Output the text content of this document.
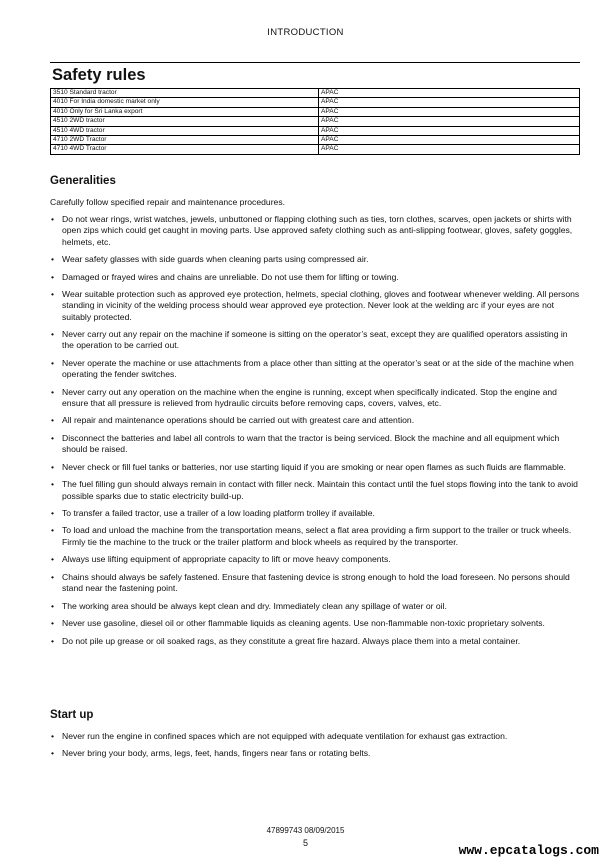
INTRODUCTION
Safety rules
3510 Standard tractor	APAC
4010 For India domestic market only	APAC
4010 Only for Sri Lanka export	APAC
4510 2WD tractor	APAC
4510 4WD tractor	APAC
4710 2WD Tractor	APAC
4710 4WD Tractor	APAC
Generalities
Carefully follow specified repair and maintenance procedures.
• Do not wear rings, wrist watches, jewels, unbuttoned or flapping clothing such as ties, torn clothes, scarves, open jackets or shirts with open zips which could get caught in moving parts. Use approved safety clothing such as anti-slipping footwear, gloves, safety goggles, helmets, etc.
• Wear safety glasses with side guards when cleaning parts using compressed air.
• Damaged or frayed wires and chains are unreliable. Do not use them for lifting or towing.
• Wear suitable protection such as approved eye protection, helmets, special clothing, gloves and footwear whenever welding. All persons standing in vicinity of the welding process should wear approved eye protection. Never look at the welding arc if your eyes are not suitably protected.
• Never carry out any repair on the machine if someone is sitting on the operator’s seat, except they are qualified operators assisting in the operation to be carried out.
• Never operate the machine or use attachments from a place other than sitting at the operator’s seat or at the side of the machine when operating the fender switches.
• Never carry out any operation on the machine when the engine is running, except when specifically indicated. Stop the engine and ensure that all pressure is relieved from hydraulic circuits before removing caps, covers, valves, etc.
• All repair and maintenance operations should be carried out with greatest care and attention.
• Disconnect the batteries and label all controls to warn that the tractor is being serviced. Block the machine and all equipment which should be raised.
• Never check or fill fuel tanks or batteries, nor use starting liquid if you are smoking or near open flames as such fluids are flammable.
• The fuel filling gun should always remain in contact with filler neck. Maintain this contact until the fuel stops flowing into the tank to avoid possible sparks due to static electricity build-up.
• To transfer a failed tractor, use a trailer of a low loading platform trolley if available.
• To load and unload the machine from the transportation means, select a flat area providing a firm support to the trailer or truck wheels. Firmly tie the machine to the truck or the trailer platform and block wheels as required by the transporter.
• Always use lifting equipment of appropriate capacity to lift or move heavy components.
• Chains should always be safely fastened. Ensure that fastening device is strong enough to hold the load foreseen. No persons should stand near the fastening point.
• The working area should be always kept clean and dry. Immediately clean any spillage of water or oil.
• Never use gasoline, diesel oil or other flammable liquids as cleaning agents. Use non-flammable non-toxic proprietary solvents.
• Do not pile up grease or oil soaked rags, as they constitute a great fire hazard. Always place them into a metal container.
Start up
• Never run the engine in confined spaces which are not equipped with adequate ventilation for exhaust gas extraction.
• Never bring your body, arms, legs, feet, hands, fingers near fans or rotating belts.
47899743 08/09/2015
5	www.epcatalogs.com
